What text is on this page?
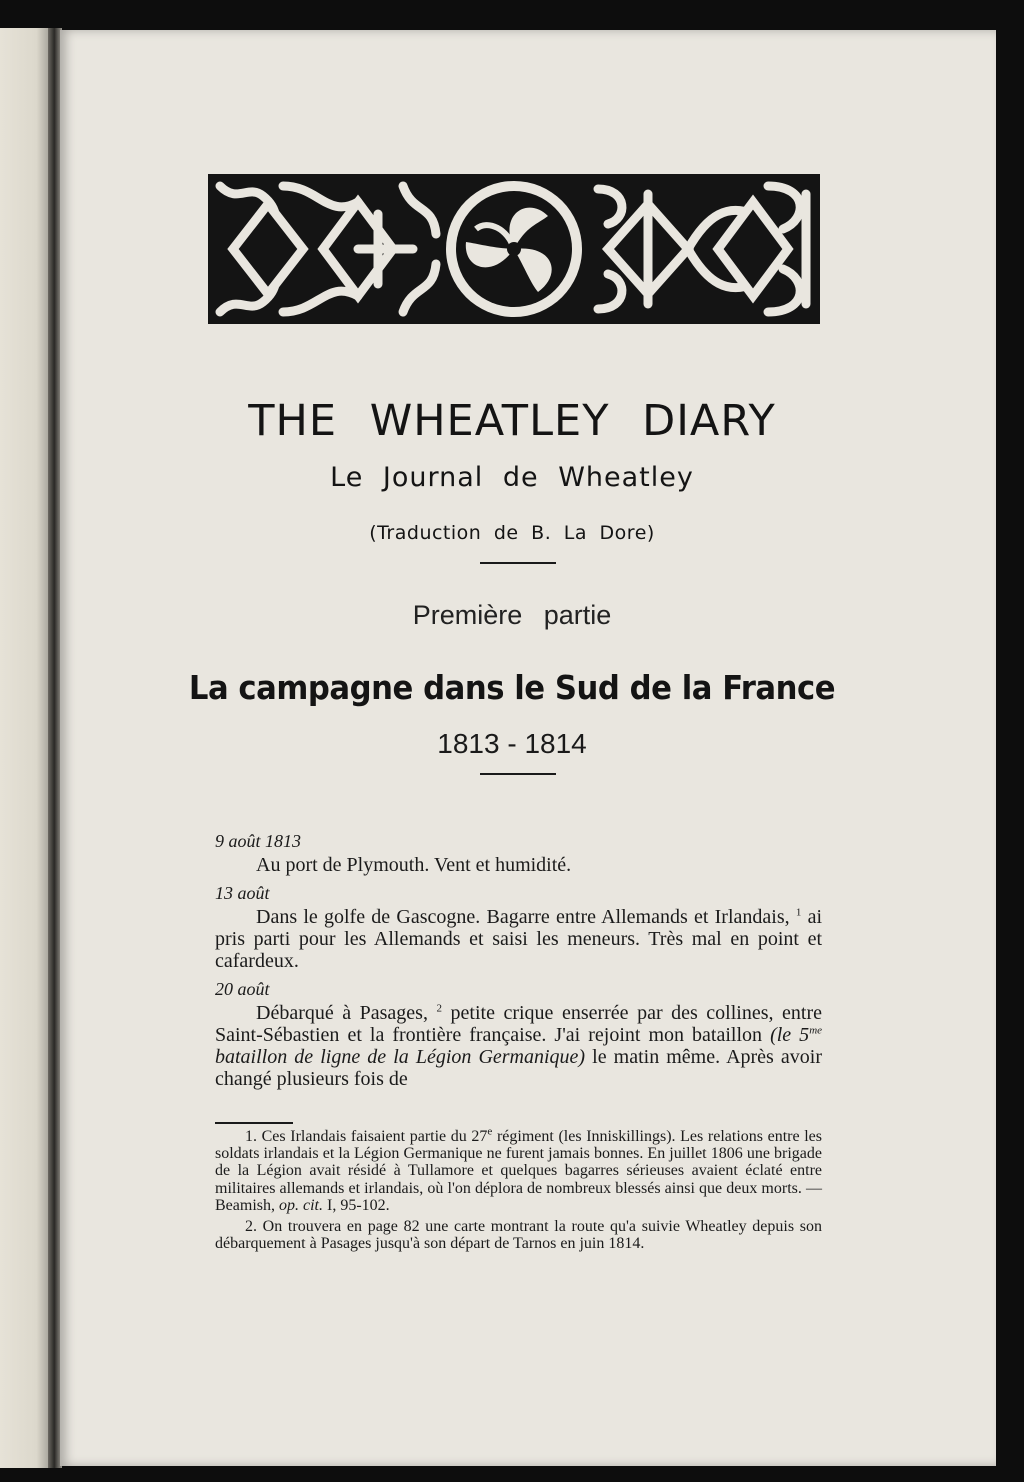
THE WHEATLEY DIARY
Le Journal de Wheatley
(Traduction de B. La Dore)
Première partie
La campagne dans le Sud de la France
1813 - 1814

9 août 1813

Au port de Plymouth. Vent et humidité.

13 août

Dans le golfe de Gascogne. Bagarre entre Allemands et Irlandais, $^1$ ai pris parti pour les Allemands et saisi les meneurs. Très mal en point et cafardeux.

20 août

Débarqué à Pasages, $^2$ petite crique enserrée par des collines, entre Saint-Sébastien et la frontière française. J'ai rejoint mon bataillon (le $5^{me}$ bataillon de ligne de la Légion Germanique) le matin même. Après avoir changé plusieurs fois de

1. Ces Irlandais faisaient partie du 27e régiment (les Inniskillings). Les relations entre les soldats irlandais et la Légion Germanique ne furent jamais bonnes. En juillet 1806 une brigade de la Légion avait résidé à Tullamore et quelques bagarres sérieuses avaient éclaté entre militaires allemands et irlandais, où l'on déplora de nombreux blessés ainsi que deux morts. — Beamish, op. cit. I, 95-102.

2. On trouvera en page 82 une carte montrant la route qu'a suivie Wheatley depuis son débarquement à Pasages jusqu'à son départ de Tarnos en juin 1814.
